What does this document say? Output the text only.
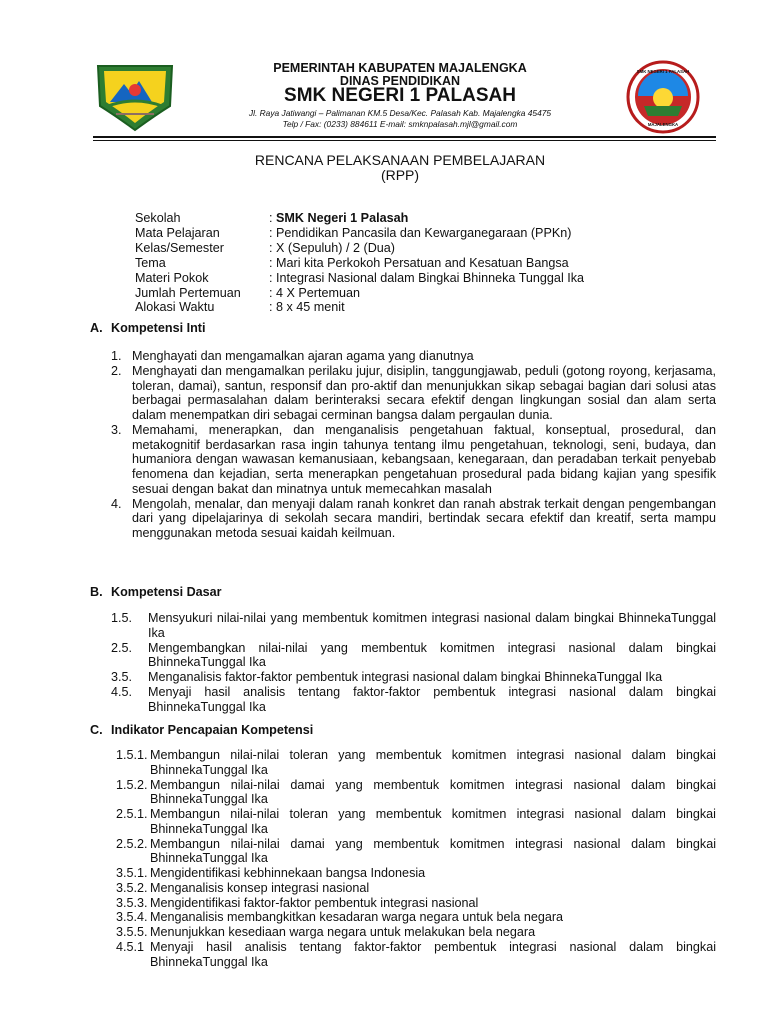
SMK NEGERI 1 PALASAH
MAJALENGKA
PEMERINTAH KABUPATEN MAJALENGKA
DINAS PENDIDIKAN
SMK NEGERI 1 PALASAH
Jl. Raya Jatiwangi – Palimanan KM.5 Desa/Kec. Palasah Kab. Majalengka 45475
Telp / Fax: (0233) 884611 E-mail: smknpalasah.mjl@gmail.com
RENCANA PELAKSANAAN PEMBELAJARAN
(RPP)
Sekolah	: SMK Negeri 1 Palasah
Mata Pelajaran	: Pendidikan Pancasila dan Kewarganegaraan (PPKn)
Kelas/Semester	: X (Sepuluh) / 2 (Dua)
Tema	: Mari kita Perkokoh Persatuan and Kesatuan Bangsa
Materi Pokok	: Integrasi Nasional dalam Bingkai Bhinneka Tunggal Ika
Jumlah Pertemuan	: 4 X Pertemuan
Alokasi Waktu	: 8 x 45 menit
A. Kompetensi Inti
1. Menghayati dan mengamalkan ajaran agama yang dianutnya
2. Menghayati dan mengamalkan perilaku jujur, disiplin, tanggungjawab, peduli (gotong royong, kerjasama, toleran, damai), santun, responsif dan pro-aktif dan menunjukkan sikap sebagai bagian dari solusi atas berbagai permasalahan dalam berinteraksi secara efektif dengan lingkungan sosial dan alam serta dalam menempatkan diri sebagai cerminan bangsa dalam pergaulan dunia.
3. Memahami, menerapkan, dan menganalisis pengetahuan faktual, konseptual, prosedural, dan metakognitif berdasarkan rasa ingin tahunya tentang ilmu pengetahuan, teknologi, seni, budaya, dan humaniora dengan wawasan kemanusiaan, kebangsaan, kenegaraan, dan peradaban terkait penyebab fenomena dan kejadian, serta menerapkan pengetahuan prosedural pada bidang kajian yang spesifik sesuai dengan bakat dan minatnya untuk memecahkan masalah
4. Mengolah, menalar, dan menyaji dalam ranah konkret dan ranah abstrak terkait dengan pengembangan dari yang dipelajarinya di sekolah secara mandiri, bertindak secara efektif dan kreatif, serta mampu menggunakan metoda sesuai kaidah keilmuan.
B. Kompetensi Dasar
1.5.	Mensyukuri nilai-nilai yang membentuk komitmen integrasi nasional dalam bingkai BhinnekaTunggal Ika
2.5.	Mengembangkan nilai-nilai yang membentuk komitmen integrasi nasional dalam bingkai BhinnekaTunggal Ika
3.5.	Menganalisis faktor-faktor pembentuk integrasi nasional dalam bingkai BhinnekaTunggal Ika
4.5.	Menyaji hasil analisis tentang faktor-faktor pembentuk integrasi nasional dalam bingkai BhinnekaTunggal Ika
C. Indikator Pencapaian Kompetensi
1.5.1. Membangun nilai-nilai toleran yang membentuk komitmen integrasi nasional dalam bingkai BhinnekaTunggal Ika
1.5.2. Membangun nilai-nilai damai yang membentuk komitmen integrasi nasional dalam bingkai BhinnekaTunggal Ika
2.5.1. Membangun nilai-nilai toleran yang membentuk komitmen integrasi nasional dalam bingkai BhinnekaTunggal Ika
2.5.2. Membangun nilai-nilai damai yang membentuk komitmen integrasi nasional dalam bingkai BhinnekaTunggal Ika
3.5.1. Mengidentifikasi kebhinnekaan bangsa Indonesia
3.5.2. Menganalisis konsep integrasi nasional
3.5.3. Mengidentifikasi faktor-faktor pembentuk integrasi nasional
3.5.4. Menganalisis membangkitkan kesadaran warga negara untuk bela negara
3.5.5. Menunjukkan kesediaan warga negara untuk melakukan bela negara
4.5.1 Menyaji hasil analisis tentang faktor-faktor pembentuk integrasi nasional dalam bingkai BhinnekaTunggal Ika
